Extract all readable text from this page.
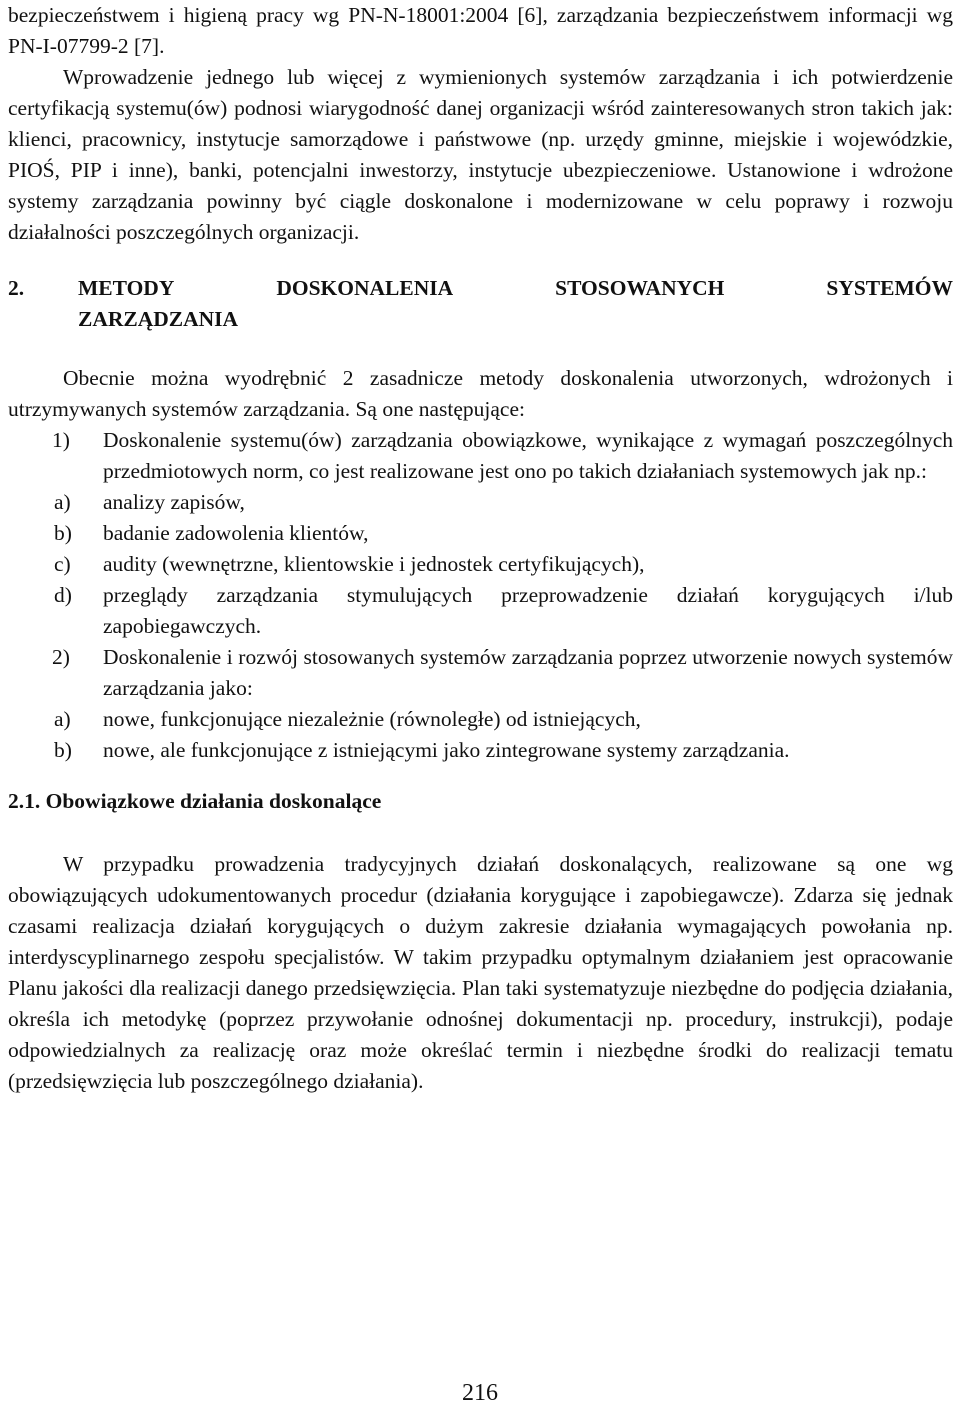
bezpieczeństwem i higieną pracy wg PN-N-18001:2004 [6], zarządzania bezpieczeństwem informacji wg PN-I-07799-2 [7].

Wprowadzenie jednego lub więcej z wymienionych systemów zarządzania i ich potwierdzenie certyfikacją systemu(ów) podnosi wiarygodność danej organizacji wśród zainteresowanych stron takich jak: klienci, pracownicy, instytucje samorządowe i państwowe (np. urzędy gminne, miejskie i wojewódzkie, PIOŚ, PIP i inne), banki, potencjalni inwestorzy, instytucje ubezpieczeniowe. Ustanowione i wdrożone systemy zarządzania powinny być ciągle doskonalone i modernizowane w celu poprawy i rozwoju działalności poszczególnych organizacji.

2.	METODY	DOSKONALENIA	STOSOWANYCH	SYSTEMÓW
ZARZĄDZANIA

Obecnie można wyodrębnić 2 zasadnicze metody doskonalenia utworzonych, wdrożonych i utrzymywanych systemów zarządzania. Są one następujące:

1)	Doskonalenie systemu(ów) zarządzania obowiązkowe, wynikające z wymagań poszczególnych przedmiotowych norm, co jest realizowane jest ono po takich działaniach systemowych jak np.:

a)	analizy zapisów,
b)	badanie zadowolenia klientów,
c)	audity (wewnętrzne, klientowskie i jednostek certyfikujących),
d)	przeglądy zarządzania stymulujących przeprowadzenie działań korygujących i/lub zapobiegawczych.
2)	Doskonalenie i rozwój stosowanych systemów zarządzania poprzez utworzenie nowych systemów zarządzania jako:

a)	nowe, funkcjonujące niezależnie (równoległe) od istniejących,
b)	nowe, ale funkcjonujące z istniejącymi jako zintegrowane systemy zarządzania.
2.1. Obowiązkowe działania doskonalące

W przypadku prowadzenia tradycyjnych działań doskonalących, realizowane są one wg obowiązujących udokumentowanych procedur (działania korygujące i zapobiegawcze). Zdarza się jednak czasami realizacja działań korygujących o dużym zakresie działania wymagających powołania np. interdyscyplinarnego zespołu specjalistów. W takim przypadku optymalnym działaniem jest opracowanie Planu jakości dla realizacji danego przedsięwzięcia. Plan taki systematyzuje niezbędne do podjęcia działania, określa ich metodykę (poprzez przywołanie odnośnej dokumentacji np. procedury, instrukcji), podaje odpowiedzialnych za realizację oraz może określać termin i niezbędne środki do realizacji tematu (przedsięwzięcia lub poszczególnego działania).

216
